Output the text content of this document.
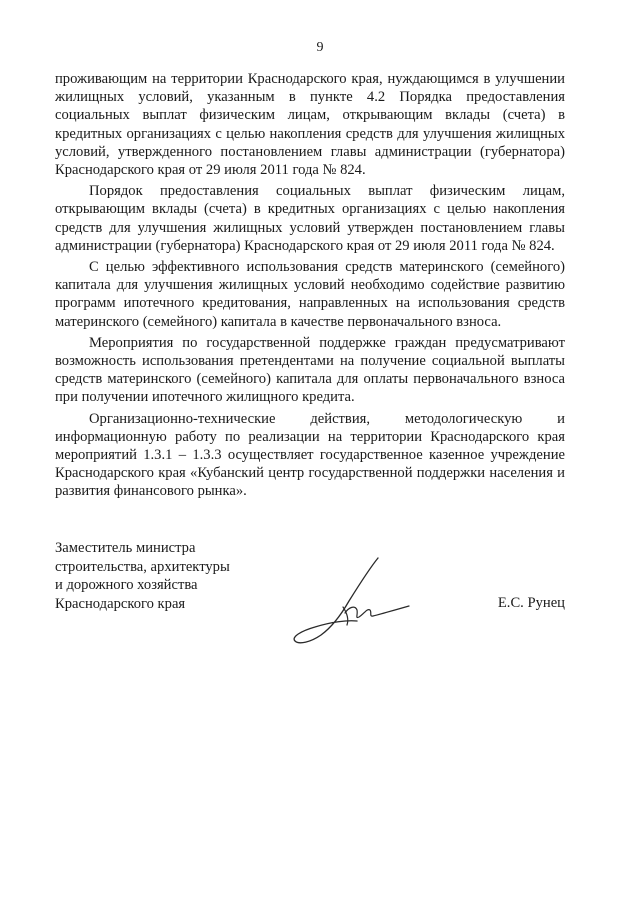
9

проживающим на территории Краснодарского края, нуждающимся в улучшении жилищных условий, указанным в пункте 4.2 Порядка предоставления социальных выплат физическим лицам, открывающим вклады (счета) в кредитных организациях с целью накопления средств для улучшения жилищных условий, утвержденного постановлением главы администрации (губернатора) Краснодарского края от 29 июля 2011 года № 824.

Порядок предоставления социальных выплат физическим лицам, открывающим вклады (счета) в кредитных организациях с целью накопления средств для улучшения жилищных условий утвержден постановлением главы администрации (губернатора) Краснодарского края от 29 июля 2011 года № 824.

С целью эффективного использования средств материнского (семейного) капитала для улучшения жилищных условий необходимо содействие развитию программ ипотечного кредитования, направленных на использования средств материнского (семейного) капитала в качестве первоначального взноса.

Мероприятия по государственной поддержке граждан предусматривают возможность использования претендентами на получение социальной выплаты средств материнского (семейного) капитала для оплаты первоначального взноса при получении ипотечного жилищного кредита.

Организационно-технические действия, методологическую и информационную работу по реализации на территории Краснодарского края мероприятий 1.3.1 – 1.3.3 осуществляет государственное казенное учреждение Краснодарского края «Кубанский центр государственной поддержки населения и развития финансового рынка».

Заместитель министра
строительства, архитектуры
и дорожного хозяйства
Краснодарского края	Е.С. Рунец
